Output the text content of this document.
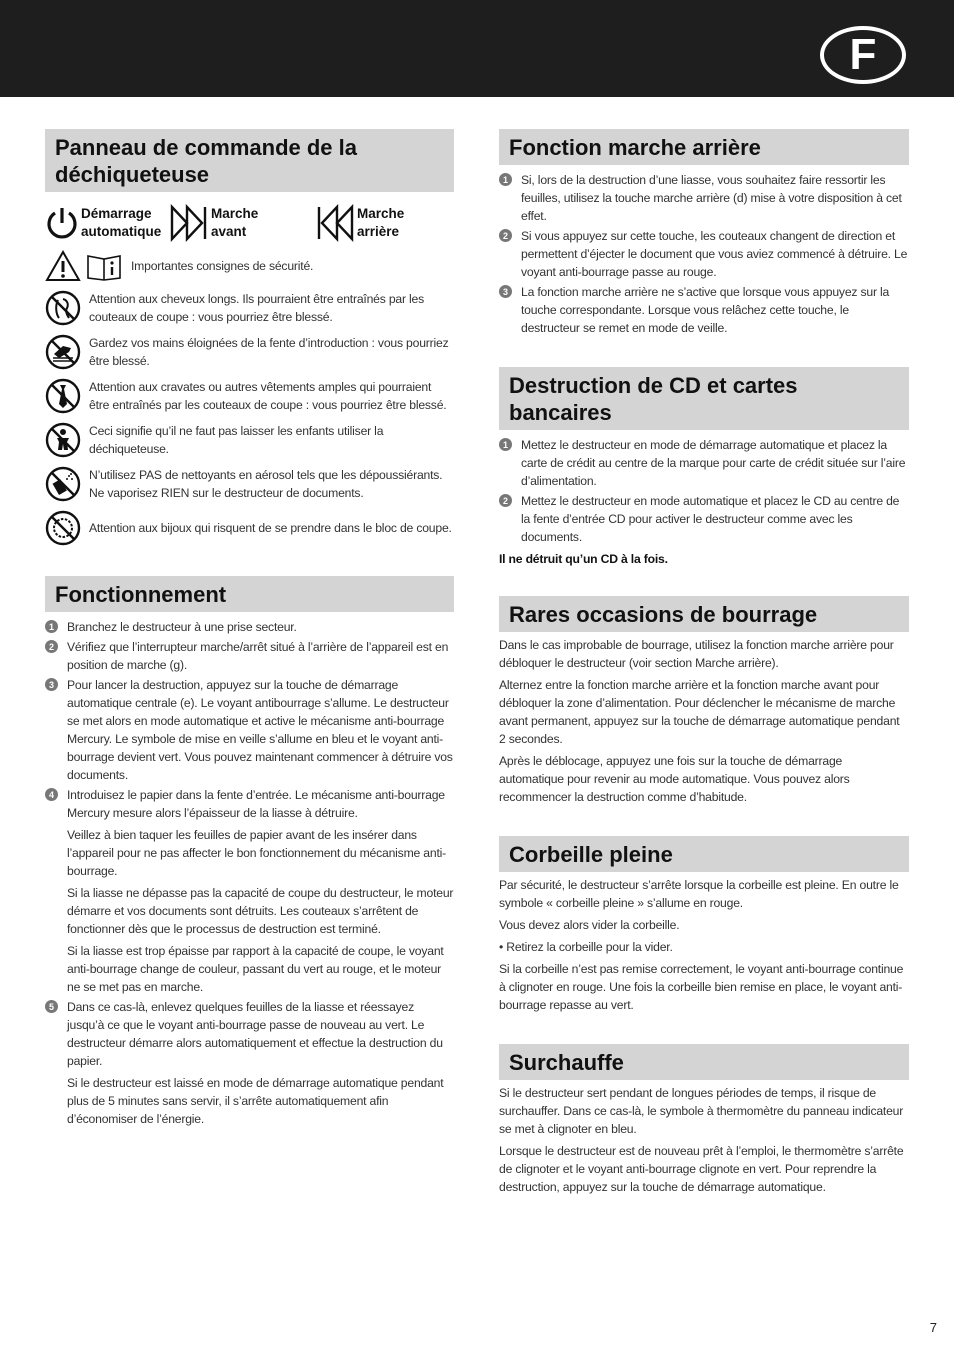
F
Panneau de commande de la déchiqueteuse
Démarrage
automatique
Marche
avant
Marche
arrière
Importantes consignes de sécurité.
Attention aux cheveux longs. Ils pourraient être entraînés par les couteaux de coupe : vous pourriez être blessé.
Gardez vos mains éloignées de la fente d’introduction : vous pourriez être blessé.
Attention aux cravates ou autres vêtements amples qui pourraient être entraînés par les couteaux de coupe : vous pourriez être blessé.
Ceci signifie qu’il ne faut pas laisser les enfants utiliser la déchiqueteuse.
N’utilisez PAS de nettoyants en aérosol tels que les dépoussiérants. Ne vaporisez RIEN sur le destructeur de documents.
Attention aux bijoux qui risquent de se prendre dans le bloc de coupe.
Fonctionnement
1	Branchez le destructeur à une prise secteur.
2	Vérifiez que l’interrupteur marche/arrêt situé à l’arrière de l’appareil est en position de marche (g).
3	Pour lancer la destruction, appuyez sur la touche de démarrage automatique centrale (e). Le voyant antibourrage s’allume. Le destructeur se met alors en mode automatique et active le mécanisme anti-bourrage Mercury. Le symbole de mise en veille s’allume en bleu et le voyant anti-bourrage devient vert. Vous pouvez maintenant commencer à détruire vos documents.
4	Introduisez le papier dans la fente d’entrée. Le mécanisme anti-bourrage Mercury mesure alors l’épaisseur de la liasse à détruire.
Veillez à bien taquer les feuilles de papier avant de les insérer dans l’appareil pour ne pas affecter le bon fonctionnement du mécanisme anti-bourrage.
Si la liasse ne dépasse pas la capacité de coupe du destructeur, le moteur démarre et vos documents sont détruits. Les couteaux s’arrêtent de fonctionner dès que le processus de destruction est terminé.
Si la liasse est trop épaisse par rapport à la capacité de coupe, le voyant anti-bourrage change de couleur, passant du vert au rouge, et le moteur ne se met pas en marche.
5	Dans ce cas-là, enlevez quelques feuilles de la liasse et réessayez jusqu’à ce que le voyant anti-bourrage passe de nouveau au vert. Le destructeur démarre alors automatiquement et effectue la destruction du papier.
Si le destructeur est laissé en mode de démarrage automatique pendant plus de 5 minutes sans servir, il s’arrête automatiquement afin d’économiser de l’énergie.
Fonction marche arrière
1	Si, lors de la destruction d’une liasse, vous souhaitez faire ressortir les feuilles, utilisez la touche marche arrière (d) mise à votre disposition à cet effet.
2	Si vous appuyez sur cette touche, les couteaux changent de direction et permettent d’éjecter le document que vous aviez commencé à détruire. Le voyant anti-bourrage passe au rouge.
3	La fonction marche arrière ne s’active que lorsque vous appuyez sur la touche correspondante. Lorsque vous relâchez cette touche, le destructeur se remet en mode de veille.
Destruction de CD et cartes bancaires
1	Mettez le destructeur en mode de démarrage automatique et placez la carte de crédit au centre de la marque pour carte de crédit située sur l’aire d’alimentation.
2	Mettez le destructeur en mode automatique et placez le CD au centre de la fente d’entrée CD pour activer le destructeur comme avec les documents.
Il ne détruit qu’un CD à la fois.
Rares occasions de bourrage
Dans le cas improbable de bourrage, utilisez la fonction marche arrière pour débloquer le destructeur (voir section Marche arrière).
Alternez entre la fonction marche arrière et la fonction marche avant pour débloquer la zone d’alimentation. Pour déclencher le mécanisme de marche avant permanent, appuyez sur la touche de démarrage automatique pendant 2 secondes.
Après le déblocage, appuyez une fois sur la touche de démarrage automatique pour revenir au mode automatique. Vous pouvez alors recommencer la destruction comme d’habitude.
Corbeille pleine
Par sécurité, le destructeur s’arrête lorsque la corbeille est pleine. En outre le symbole « corbeille pleine » s’allume en rouge.
Vous devez alors vider la corbeille.
• Retirez la corbeille pour la vider.
Si la corbeille n’est pas remise correctement, le voyant anti-bourrage continue à clignoter en rouge. Une fois la corbeille bien remise en place, le voyant anti-bourrage repasse au vert.
Surchauffe
Si le destructeur sert pendant de longues périodes de temps, il risque de surchauffer. Dans ce cas-là, le symbole à thermomètre du panneau indicateur se met à clignoter en bleu.
Lorsque le destructeur est de nouveau prêt à l’emploi, le thermomètre s’arrête de clignoter et le voyant anti-bourrage clignote en vert. Pour reprendre la destruction, appuyez sur la touche de démarrage automatique.
7
